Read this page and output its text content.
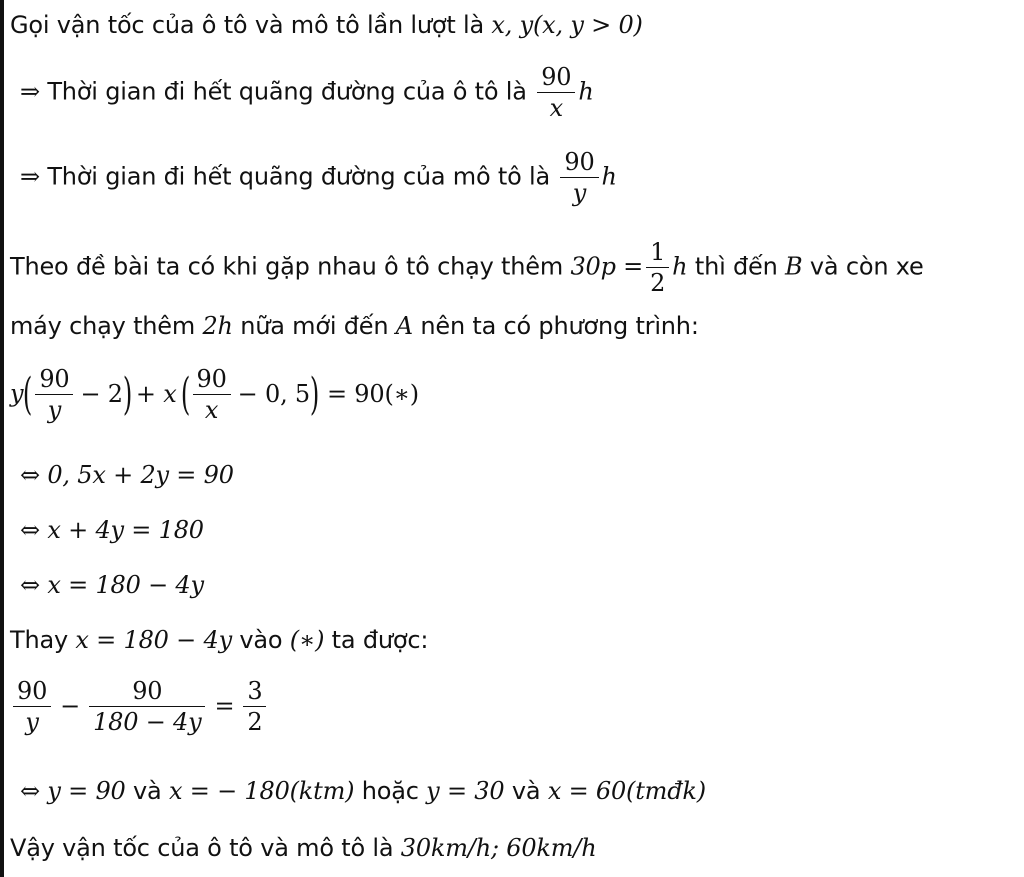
Gọi vận tốc của ô tô và mô tô lần lượt là x, y(x, y > 0)
⇒ Thời gian đi hết quãng đường của ô tô là $\frac{90}{x}$ h
⇒ Thời gian đi hết quãng đường của mô tô là $\frac{90}{y}$ h
Theo đề bài ta có khi gặp nhau ô tô chạy thêm $30p = \frac{1}{2}$ h thì đến B và còn xe
máy chạy thêm 2h nữa mới đến A nên ta có phương trình:
$y( \frac{90}{y} - 2) + x( \frac{90}{x} - 0$, 5) = 90(∗)
⇔ 0, 5x + 2y = 90
⇔ x + 4y = 180
⇔ x = 180 − 4y
Thay x = 180 − 4y vào (∗) ta được:
$\frac{90}{y} - \frac{90}{180 - 4y} = \frac{3}{2}$
⇔ y = 90 và x = − 180(ktm) hoặc y = 30 và x = 60(tmđk)
Vậy vận tốc của ô tô và mô tô là 30km/h; 60km/h
